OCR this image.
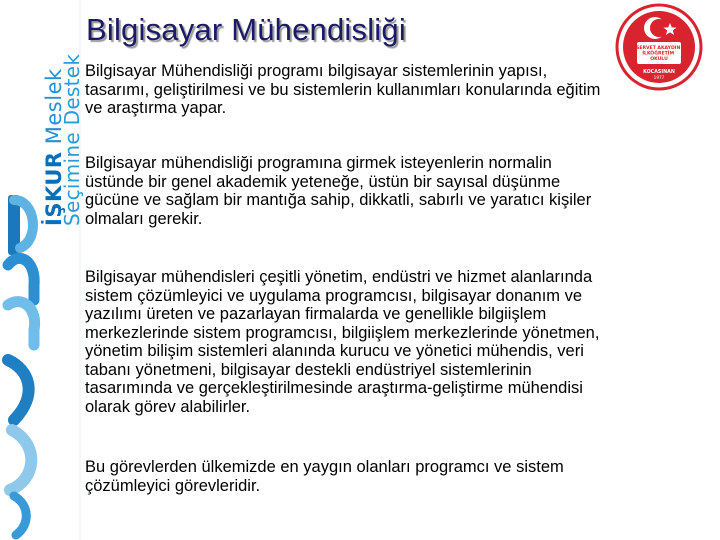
İŞKUR Meslek
Seçimine Destek
Bilgisayar Mühendisliği
SERVET AKAYDIN İLKÖĞRETİM OKULU
KOCASINAN
1977
Bilgisayar Mühendisliği programı bilgisayar sistemlerinin yapısı, tasarımı, geliştirilmesi ve bu sistemlerin kullanımları konularında eğitim ve araştırma yapar.
Bilgisayar mühendisliği programına girmek isteyenlerin normalin üstünde bir genel akademik yeteneğe, üstün bir sayısal düşünme gücüne ve sağlam bir mantığa sahip, dikkatli, sabırlı ve yaratıcı kişiler olmaları gerekir.
Bilgisayar mühendisleri çeşitli yönetim, endüstri ve hizmet alanlarında sistem çözümleyici ve uygulama programcısı, bilgisayar donanım ve yazılımı üreten ve pazarlayan firmalarda ve genellikle bilgiişlem merkezlerinde sistem programcısı, bilgiişlem merkezlerinde yönetmen, yönetim bilişim sistemleri alanında kurucu ve yönetici mühendis, veri tabanı yönetmeni, bilgisayar destekli endüstriyel sistemlerinin tasarımında ve gerçekleştirilmesinde araştırma-geliştirme mühendisi olarak görev alabilirler.
Bu görevlerden ülkemizde en yaygın olanları programcı ve sistem çözümleyici görevleridir.
